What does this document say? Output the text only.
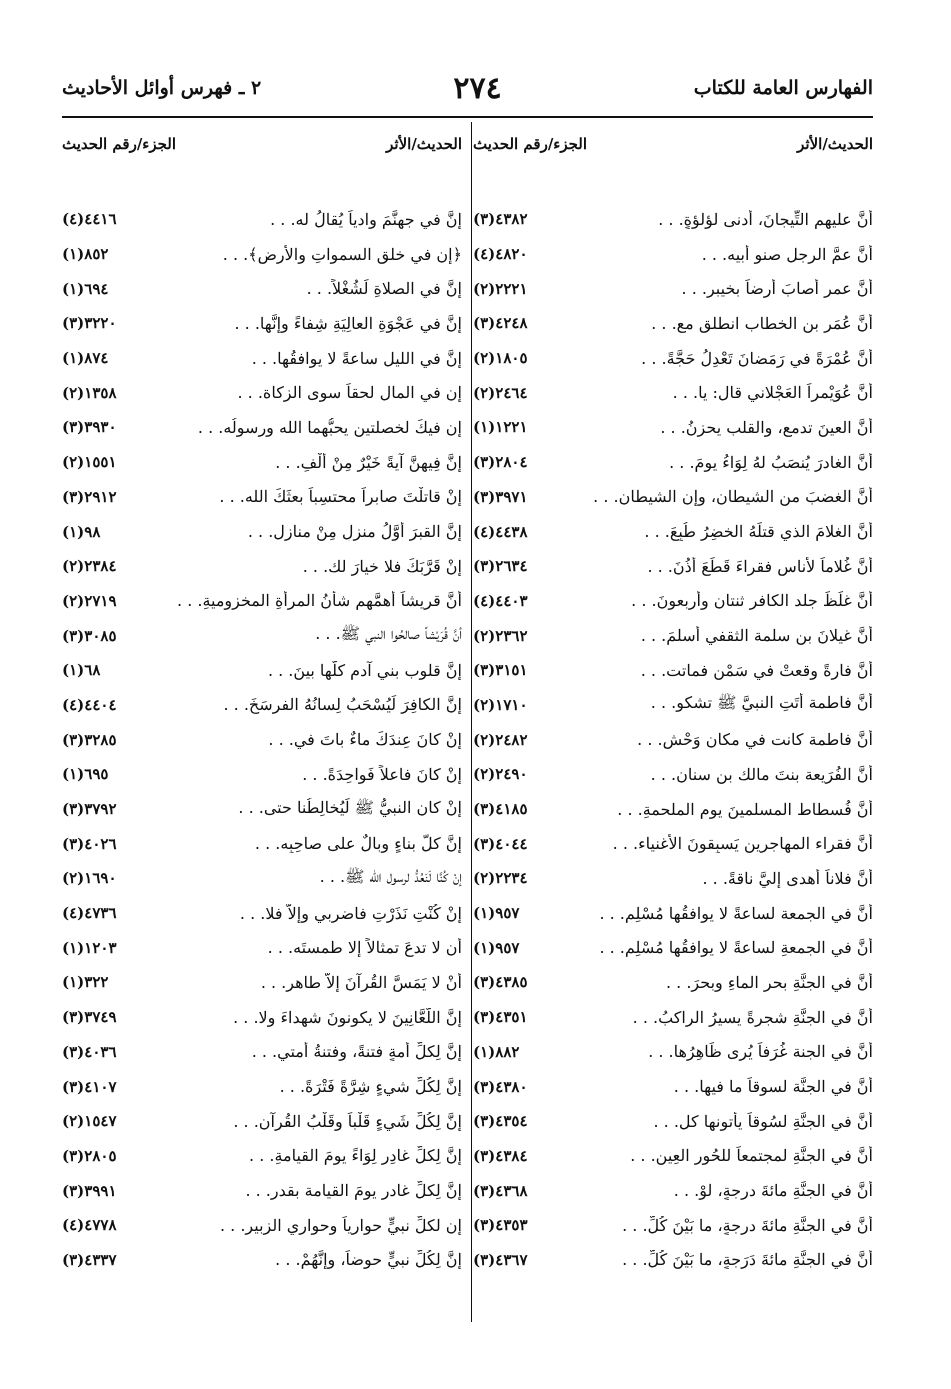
الفهارس العامة للكتاب
٢٧٤
٢ ـ فهرس أوائل الأحاديث
الحديث/الأثر
الجزء/رقم الحديث
أنَّ عليهم التِّيجانَ، أدنى لؤلؤةٍ. . .
(٣)٤٣٨٢
أنَّ عمَّ الرجل صنو أبيه. . .
(٤)٤٨٢٠
أنَّ عمر أصابَ أرضاً بخيبر. . .
(٢)٢٢٢١
أنَّ عُمَر بن الخطاب انطلق مع. . .
(٣)٤٢٤٨
أنَّ عُمْرَةً في رَمَضانَ تَعْدِلُ حَجَّةً. . .
(٢)١٨٠٥
أنَّ عُوَيْمراً العَجْلاني قال: يا. . .
(٢)٢٤٦٤
أنَّ العينَ تدمع، والقلب يحزنُ. . .
(١)١٢٢١
أنَّ الغادرَ يُنصَبُ لهُ لِوَاءُ يومَ. . .
(٣)٢٨٠٤
أنَّ الغضبَ من الشيطان، وإن الشيطان. . .
(٣)٣٩٧١
أنَّ الغلامَ الذي قتلَهُ الخضِرُ طُبِعَ. . .
(٤)٤٤٣٨
أنَّ غُلاماً لأُناسٍ فقراءَ قَطَعَ أُذُنَ. . .
(٣)٢٦٣٤
أنَّ غلَظَ جلد الكافر ثنتانِ وأربعونَ. . .
(٤)٤٤٠٣
أنَّ غيلانَ بن سلمة الثقفي أسلمَ. . .
(٢)٢٣٦٢
أنَّ فارةً وقعتْ في سَمْنٍ فماتت. . .
(٣)٣١٥١
أنَّ فاطمة أتَتِ النبيَّ ﷺ تشكو. . .
(٢)١٧١٠
أنَّ فاطمة كانت في مكان وَحْشٍ. . .
(٢)٢٤٨٢
أنَّ الفُرَيعة بنتَ مالك بن سنان. . .
(٢)٢٤٩٠
أنَّ فُسطاط المسلمينَ يوم الملحمةِ. . .
(٣)٤١٨٥
أنَّ فقراء المهاجرين يَسبِقونَ الأغنياء. . .
(٣)٤٠٤٤
أنَّ فلاناً أهدى إليَّ ناقةً. . .
(٢)٢٢٣٤
أنَّ في الجمعة لساعةً لا يوافقُها مُسْلِم. . .
(١)٩٥٧
أنَّ في الجمعةِ لساعةً لا يوافقُها مُسْلِم. . .
(١)٩٥٧
أنَّ في الجنَّةِ بحر الماءِ وبحرَ. . .
(٣)٤٣٨٥
أنَّ في الجنَّةِ شجرةً يسيرُ الراكبُ. . .
(٣)٤٣٥١
أنَّ في الجنة غُرَفاً يُرى ظَاهِرُها. . .
(١)٨٨٢
أنَّ في الجنَّة لسوقاً ما فيها. . .
(٣)٤٣٨٠
أنَّ في الجنَّةِ لسُوقاً يأتونها كل. . .
(٣)٤٣٥٤
أنَّ في الجنَّةِ لمجتمعاً للحُورِ العِينِ. . .
(٣)٤٣٨٤
أنَّ في الجنَّةِ مائةَ درجةٍ، لوْ. . .
(٣)٤٣٦٨
أنَّ في الجنَّةِ مائةَ درجةٍ، ما بَيْنَ كُلِّ. . .
(٣)٤٣٥٣
أنَّ في الجنَّةِ مائةَ دَرَجةٍ، ما بَيْنَ كُلِّ. . .
(٣)٤٣٦٧
الحديث/الأثر
الجزء/رقم الحديث
إنَّ في جهنَّمَ وادياً يُقالُ له. . .
(٤)٤٤١٦
﴿إن في خلقِ السمواتِ والأرض﴾. . .
(١)٨٥٢
إنَّ في الصلاةِ لَشُغْلاً. . .
(١)٦٩٤
إنَّ في عَجْوَةِ العالِيَةِ شِفاءً وإنَّها. . .
(٣)٣٢٢٠
إنَّ في الليلِ ساعةً لا يوافقُها. . .
(١)٨٧٤
إن في المالِ لحقاً سوى الزكاة. . .
(٢)١٣٥٨
إن فيكَ لخصلتينِ يحبُّهما الله ورسولُه. . .
(٣)٣٩٣٠
إنَّ فِيهِنَّ آيةً خَيْرٌ مِنْ أَلْفِ. . .
(٢)١٥٥١
إنْ قاتلْتَ صابراً محتسِباً بعثَكَ الله. . .
(٣)٢٩١٢
إنَّ القبرَ أوَّلُ منزلٍ مِنْ منازِلِ. . .
(١)٩٨
إنْ قَرَّبَكَ فلا خيارَ لك. . .
(٢)٢٣٨٤
أنَّ قريشاً أهمَّهم شأنُ المرأةِ المخزوميةِ. . .
(٢)٢٧١٩
أنَّ قُرَيْشاً صالحُوا النبي ﷺ. . .
(٣)٣٠٨٥
إنَّ قلوب بني آدم كلَّها بينَ. . .
(١)٦٨
إنَّ الكافِرَ لَيُسْحَبُ لِسانُهُ الفرسَخَ. . .
(٤)٤٤٠٤
إنْ كانَ عِندَكَ ماءٌ باتَ في. . .
(٣)٣٢٨٥
إنْ كانَ فاعلاً فَواحِدَةً. . .
(١)٦٩٥
إنْ كان النبيُّ ﷺ لَيُخالِطُنا حتى. . .
(٣)٣٧٩٢
إنَّ كلَّ بناءٍ وبالٌ على صاحِبِه. . .
(٣)٤٠٢٦
إنْ كُنَّا لَنَعُدُّ لرسول الله ﷺ. . .
(٢)١٦٩٠
إنْ كُنْتِ نَذَرْتِ فاضربي وإلاّ فلا. . .
(٤)٤٧٣٦
أن لا تدعَ تمثالاً إلا طمستَه. . .
(١)١٢٠٣
أنْ لا يَمَسَّ القُرآنَ إلاّ طاهر. . .
(١)٣٢٢
إنَّ اللَّعَّانِينَ لا يكونونَ شهداءَ ولا. . .
(٣)٣٧٤٩
إنَّ لِكلِّ أمةٍ فتنةً، وفتنةُ أمتي. . .
(٣)٤٠٣٦
إنَّ لِكُلِّ شيءٍ شِرَّةً فَتْرَةً. . .
(٣)٤١٠٧
إنَّ لِكُلِّ شَيءٍ قَلْباً وقَلْبُ القُرآن. . .
(٢)١٥٤٧
إنَّ لِكلِّ غادِرٍ لِوَاءً يومَ القيامةِ. . .
(٣)٢٨٠٥
إنَّ لِكلِّ غادرٍ يومَ القيامة بقدرِ. . .
(٣)٣٩٩١
إن لكلِّ نبيٍّ حوارياً وحواريِ الزبير. . .
(٤)٤٧٧٨
إنَّ لِكُلِّ نبيٍّ حوضاً، وإنَّهُمْ. . .
(٣)٤٣٣٧
